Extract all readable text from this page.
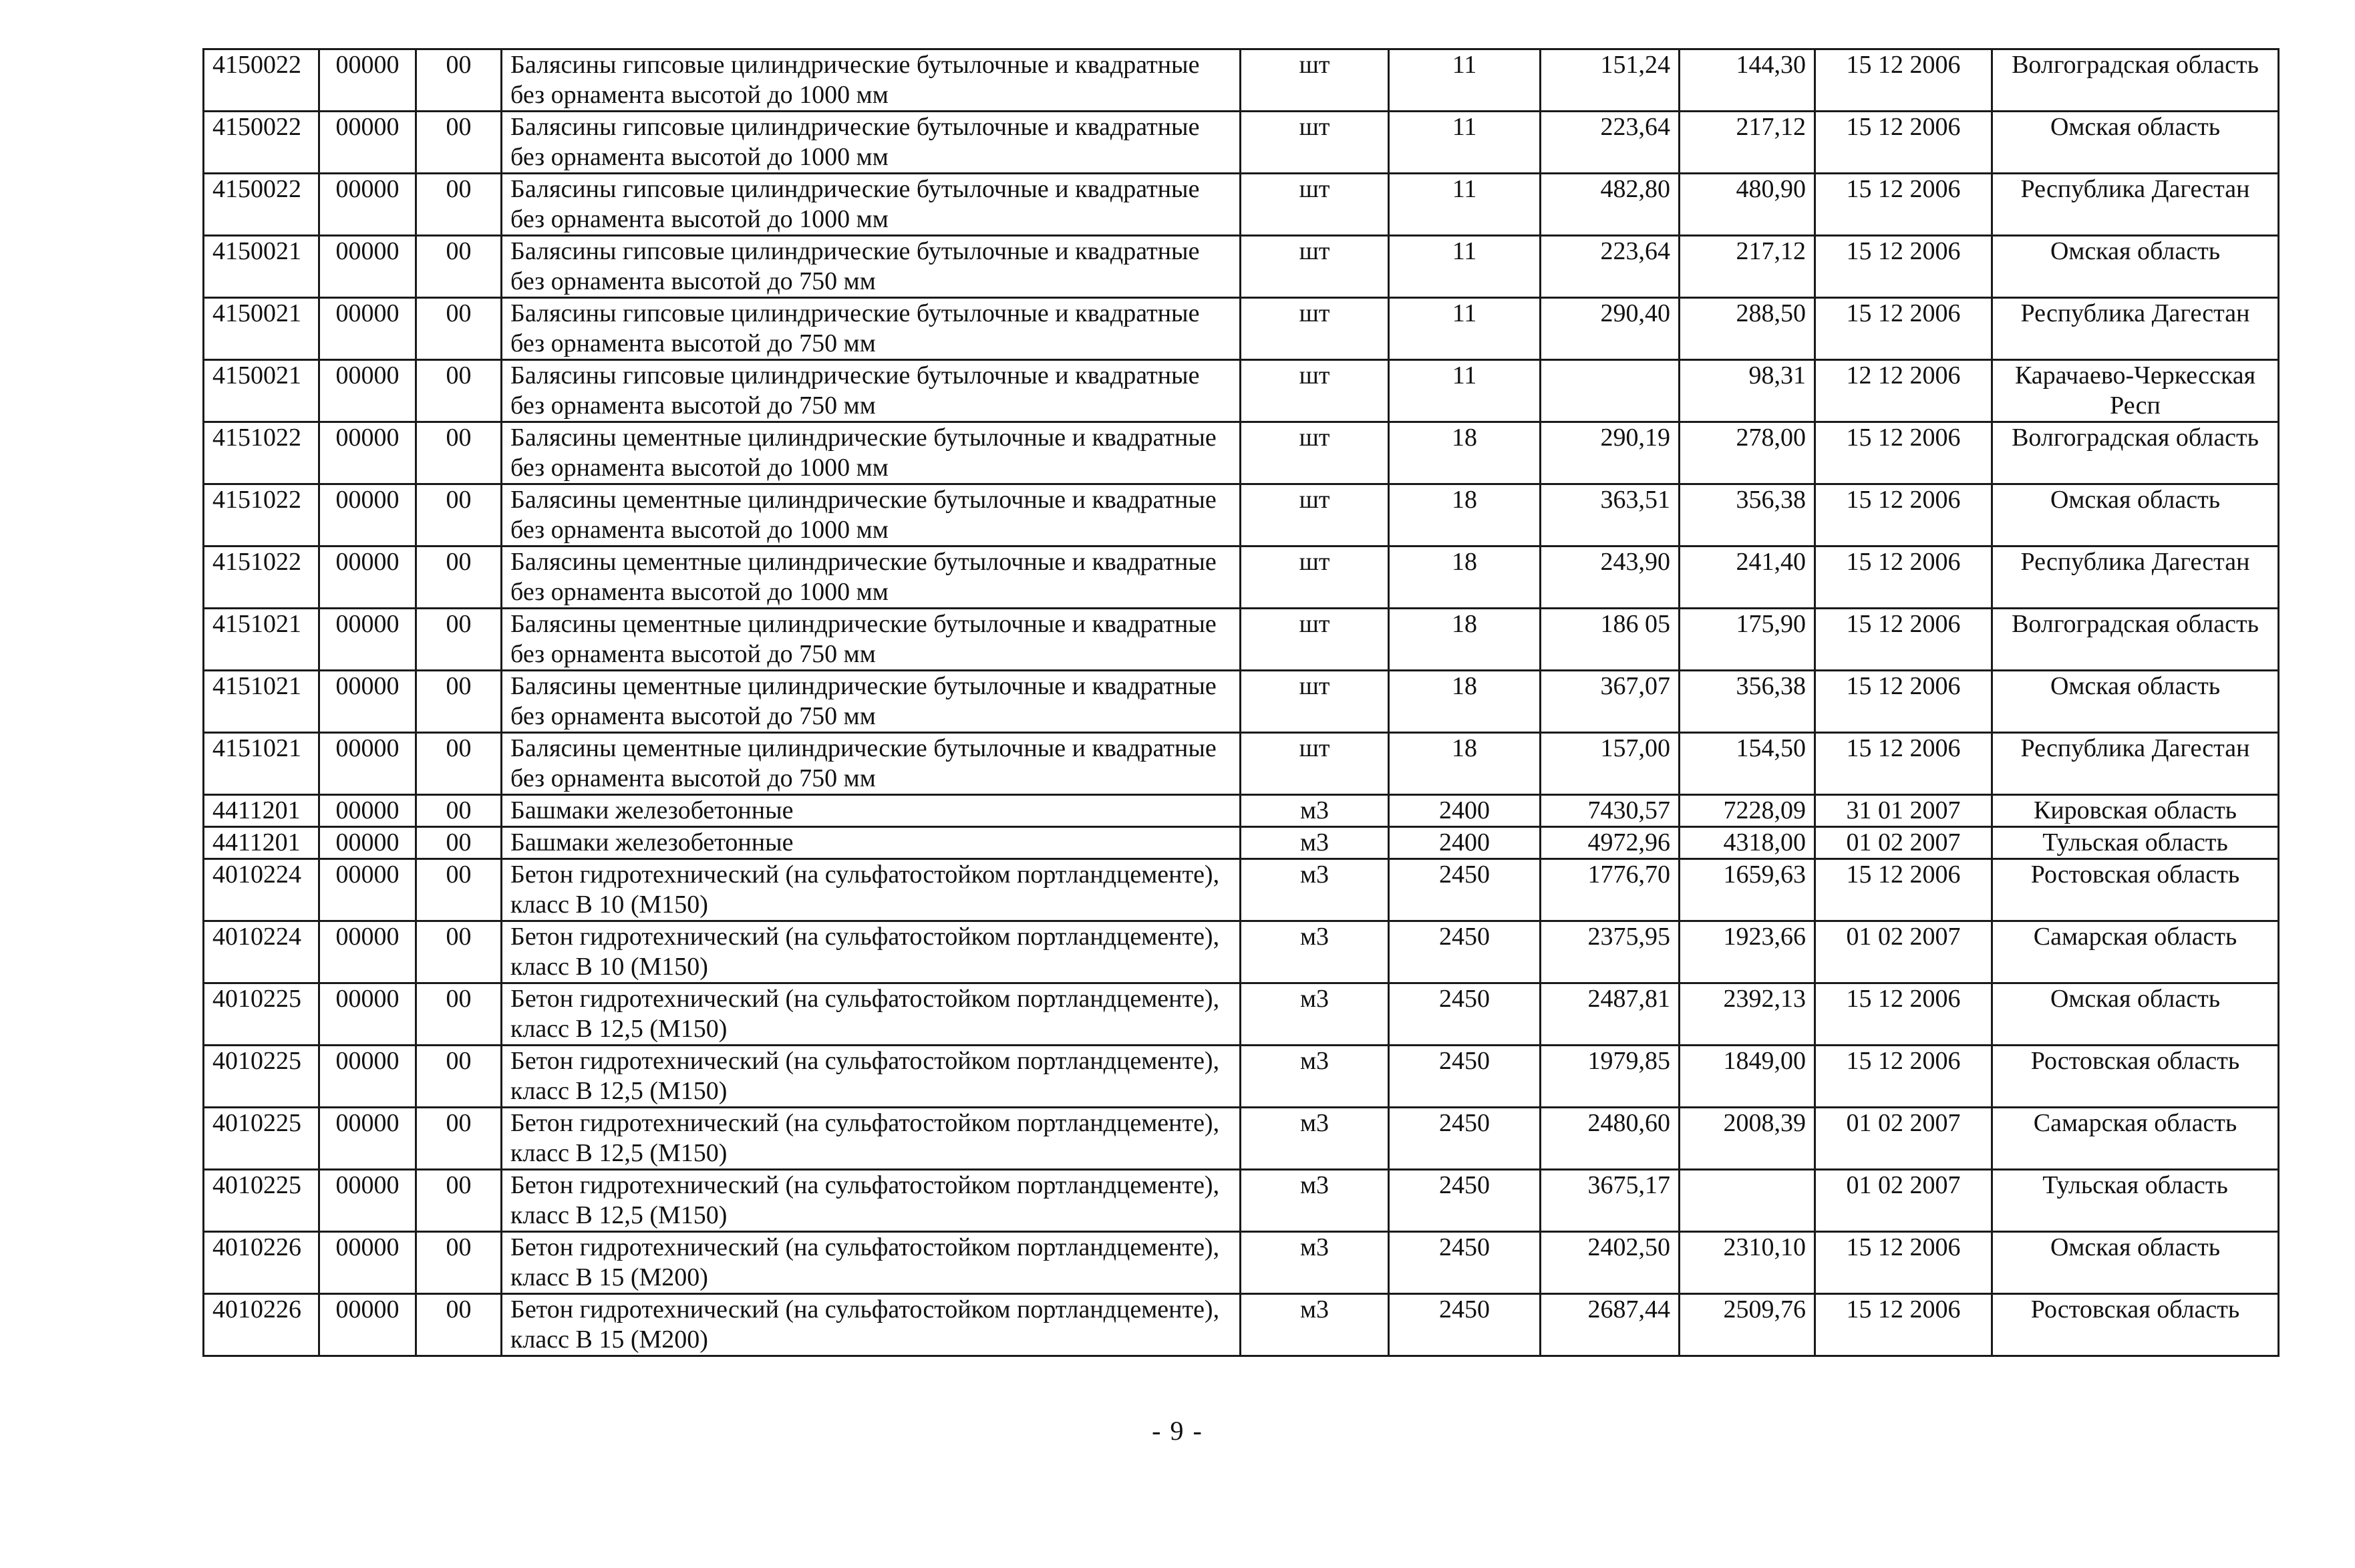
4150022	00000	00	Балясины гипсовые цилиндрические бутылочные и квадратные без орнамента высотой до 1000 мм	шт	11	151,24	144,30	15 12 2006	Волгоградская область
4150022	00000	00	Балясины гипсовые цилиндрические бутылочные и квадратные без орнамента высотой до 1000 мм	шт	11	223,64	217,12	15 12 2006	Омская область
4150022	00000	00	Балясины гипсовые цилиндрические бутылочные и квадратные без орнамента высотой до 1000 мм	шт	11	482,80	480,90	15 12 2006	Республика Дагестан
4150021	00000	00	Балясины гипсовые цилиндрические бутылочные и квадратные без орнамента высотой до 750 мм	шт	11	223,64	217,12	15 12 2006	Омская область
4150021	00000	00	Балясины гипсовые цилиндрические бутылочные и квадратные без орнамента высотой до 750 мм	шт	11	290,40	288,50	15 12 2006	Республика Дагестан
4150021	00000	00	Балясины гипсовые цилиндрические бутылочные и квадратные без орнамента высотой до 750 мм	шт	11		98,31	12 12 2006	Карачаево-Черкесская Респ
4151022	00000	00	Балясины цементные цилиндрические бутылочные и квадратные без орнамента высотой до 1000 мм	шт	18	290,19	278,00	15 12 2006	Волгоградская область
4151022	00000	00	Балясины цементные цилиндрические бутылочные и квадратные без орнамента высотой до 1000 мм	шт	18	363,51	356,38	15 12 2006	Омская область
4151022	00000	00	Балясины цементные цилиндрические бутылочные и квадратные без орнамента высотой до 1000 мм	шт	18	243,90	241,40	15 12 2006	Республика Дагестан
4151021	00000	00	Балясины цементные цилиндрические бутылочные и квадратные без орнамента высотой до 750 мм	шт	18	186 05	175,90	15 12 2006	Волгоградская область
4151021	00000	00	Балясины цементные цилиндрические бутылочные и квадратные без орнамента высотой до 750 мм	шт	18	367,07	356,38	15 12 2006	Омская область
4151021	00000	00	Балясины цементные цилиндрические бутылочные и квадратные без орнамента высотой до 750 мм	шт	18	157,00	154,50	15 12 2006	Республика Дагестан
4411201	00000	00	Башмаки железобетонные	м3	2400	7430,57	7228,09	31 01 2007	Кировская область
4411201	00000	00	Башмаки железобетонные	м3	2400	4972,96	4318,00	01 02 2007	Тульская область
4010224	00000	00	Бетон гидротехнический (на сульфатостойком портландцементе), класс В 10 (М150)	м3	2450	1776,70	1659,63	15 12 2006	Ростовская область
4010224	00000	00	Бетон гидротехнический (на сульфатостойком портландцементе), класс В 10 (М150)	м3	2450	2375,95	1923,66	01 02 2007	Самарская область
4010225	00000	00	Бетон гидротехнический (на сульфатостойком портландцементе), класс В 12,5 (М150)	м3	2450	2487,81	2392,13	15 12 2006	Омская область
4010225	00000	00	Бетон гидротехнический (на сульфатостойком портландцементе), класс В 12,5 (М150)	м3	2450	1979,85	1849,00	15 12 2006	Ростовская область
4010225	00000	00	Бетон гидротехнический (на сульфатостойком портландцементе), класс В 12,5 (М150)	м3	2450	2480,60	2008,39	01 02 2007	Самарская область
4010225	00000	00	Бетон гидротехнический (на сульфатостойком портландцементе), класс В 12,5 (М150)	м3	2450	3675,17		01 02 2007	Тульская область
4010226	00000	00	Бетон гидротехнический (на сульфатостойком портландцементе), класс В 15 (М200)	м3	2450	2402,50	2310,10	15 12 2006	Омская область
4010226	00000	00	Бетон гидротехнический (на сульфатостойком портландцементе), класс В 15 (М200)	м3	2450	2687,44	2509,76	15 12 2006	Ростовская область
- 9 -
